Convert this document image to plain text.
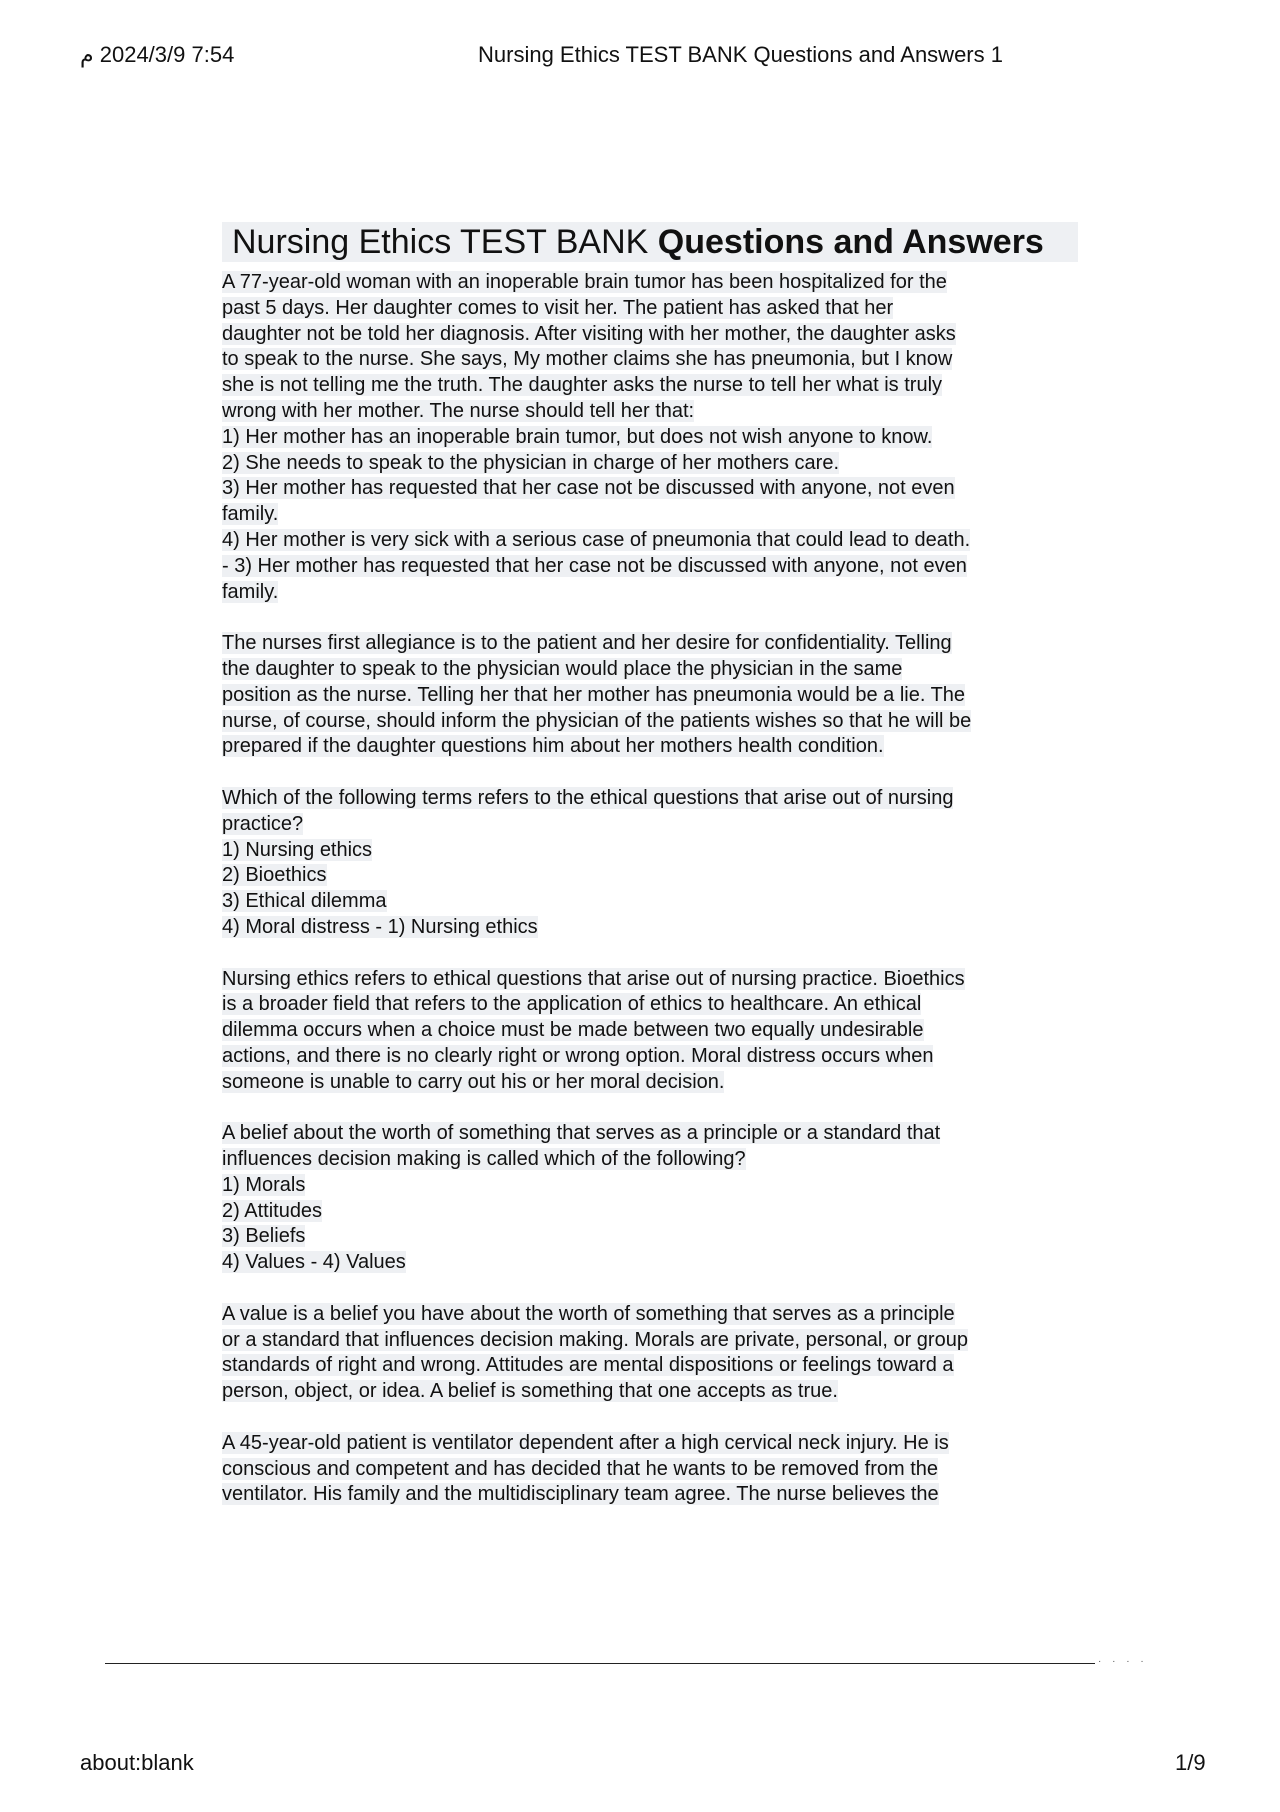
7:54 2024/3/9 م	Nursing Ethics TEST BANK Questions and Answers 1
Nursing Ethics TEST BANK Questions and Answers
A 77-year-old woman with an inoperable brain tumor has been hospitalized for the
past 5 days. Her daughter comes to visit her. The patient has asked that her
daughter not be told her diagnosis. After visiting with her mother, the daughter asks
to speak to the nurse. She says, My mother claims she has pneumonia, but I know
she is not telling me the truth. The daughter asks the nurse to tell her what is truly
wrong with her mother. The nurse should tell her that:
1) Her mother has an inoperable brain tumor, but does not wish anyone to know.
2) She needs to speak to the physician in charge of her mothers care.
3) Her mother has requested that her case not be discussed with anyone, not even
family.
4) Her mother is very sick with a serious case of pneumonia that could lead to death.
- 3) Her mother has requested that her case not be discussed with anyone, not even
family.
The nurses first allegiance is to the patient and her desire for confidentiality. Telling
the daughter to speak to the physician would place the physician in the same
position as the nurse. Telling her that her mother has pneumonia would be a lie. The
nurse, of course, should inform the physician of the patients wishes so that he will be
prepared if the daughter questions him about her mothers health condition.
Which of the following terms refers to the ethical questions that arise out of nursing
practice?
1) Nursing ethics
2) Bioethics
3) Ethical dilemma
4) Moral distress - 1) Nursing ethics
Nursing ethics refers to ethical questions that arise out of nursing practice. Bioethics
is a broader field that refers to the application of ethics to healthcare. An ethical
dilemma occurs when a choice must be made between two equally undesirable
actions, and there is no clearly right or wrong option. Moral distress occurs when
someone is unable to carry out his or her moral decision.
A belief about the worth of something that serves as a principle or a standard that
influences decision making is called which of the following?
1) Morals
2) Attitudes
3) Beliefs
4) Values - 4) Values
A value is a belief you have about the worth of something that serves as a principle
or a standard that influences decision making. Morals are private, personal, or group
standards of right and wrong. Attitudes are mental dispositions or feelings toward a
person, object, or idea. A belief is something that one accepts as true.
A 45-year-old patient is ventilator dependent after a high cervical neck injury. He is
conscious and competent and has decided that he wants to be removed from the
ventilator. His family and the multidisciplinary team agree. The nurse believes the
· · · ·
about:blank	1/9
